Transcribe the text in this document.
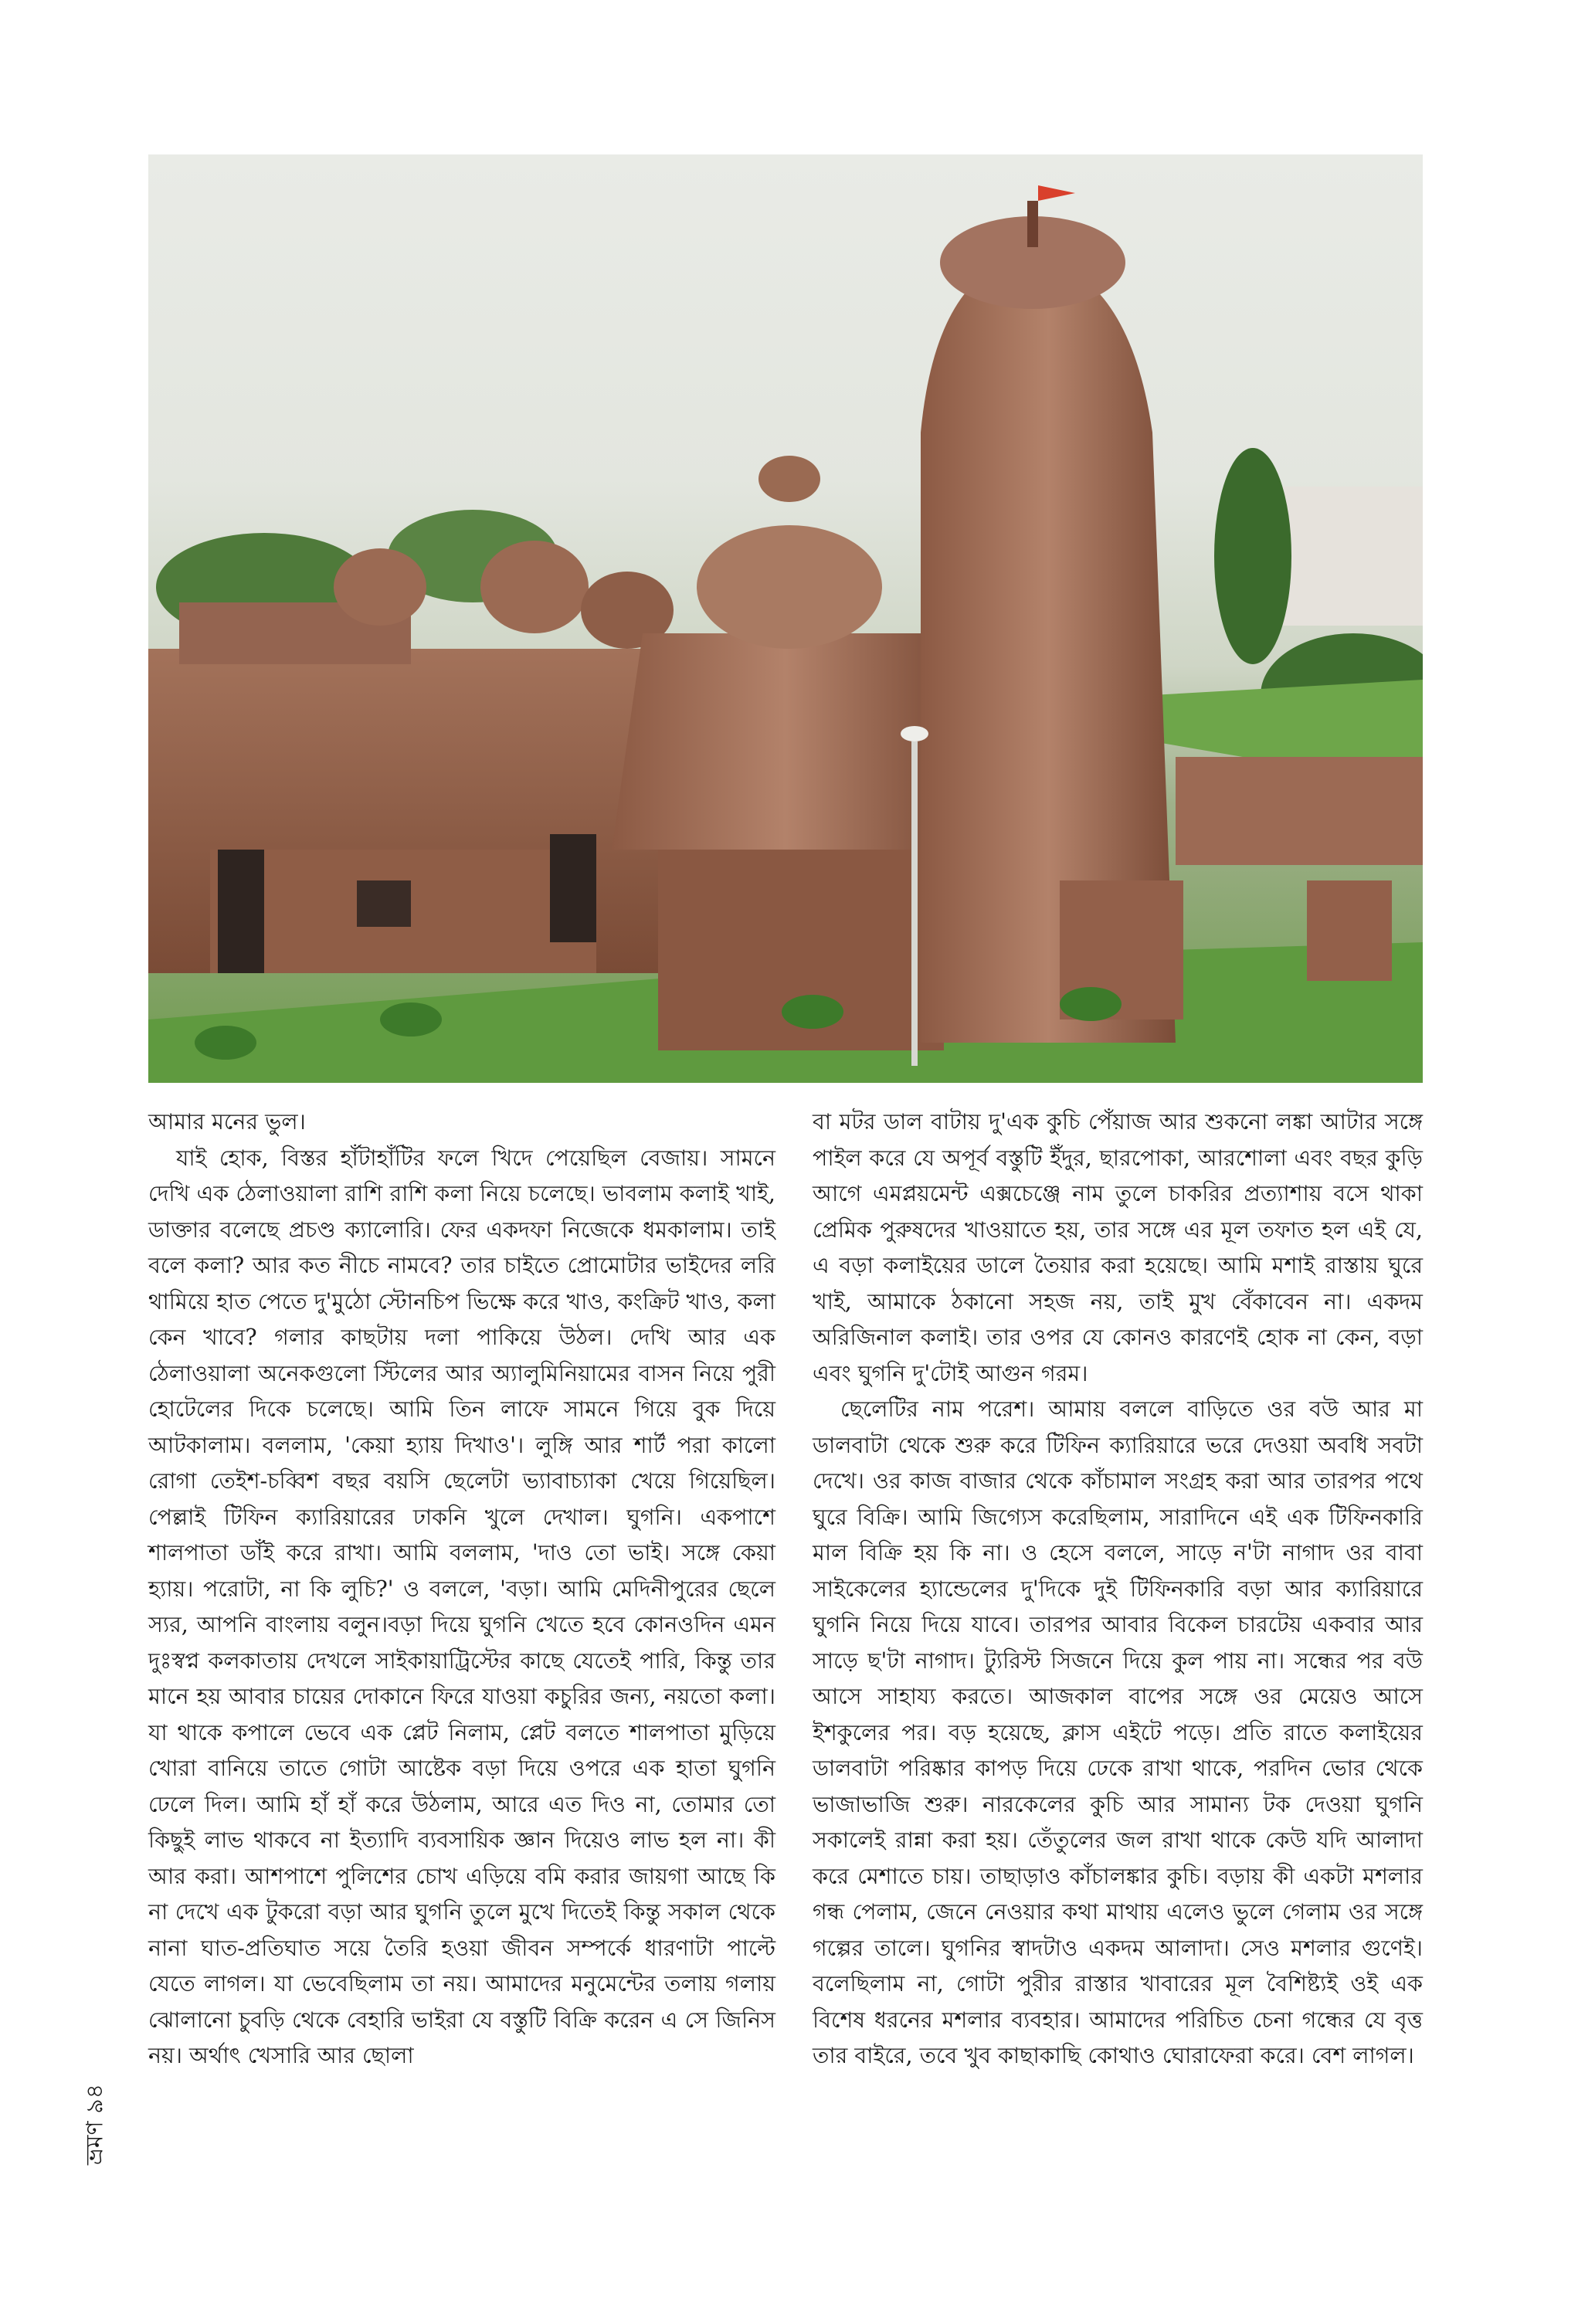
আমার মনের ভুল।

যাই হোক, বিস্তর হাঁটাহাঁটির ফলে খিদে পেয়েছিল বেজায়। সামনে দেখি এক ঠেলাওয়ালা রাশি রাশি কলা নিয়ে চলেছে। ভাবলাম কলাই খাই, ডাক্তার বলেছে প্রচণ্ড ক্যালোরি। ফের একদফা নিজেকে ধমকালাম। তাই বলে কলা? আর কত নীচে নামবে? তার চাইতে প্রোমোটার ভাইদের লরি থামিয়ে হাত পেতে দু'মুঠো স্টোনচিপ ভিক্ষে করে খাও, কংক্রিট খাও, কলা কেন খাবে? গলার কাছটায় দলা পাকিয়ে উঠল। দেখি আর এক ঠেলাওয়ালা অনেকগুলো স্টিলের আর অ্যালুমিনিয়ামের বাসন নিয়ে পুরী হোটেলের দিকে চলেছে। আমি তিন লাফে সামনে গিয়ে বুক দিয়ে আটকালাম। বললাম, 'কেয়া হ্যায় দিখাও'। লুঙ্গি আর শার্ট পরা কালো রোগা তেইশ-চব্বিশ বছর বয়সি ছেলেটা ভ্যাবাচ্যাকা খেয়ে গিয়েছিল। পেল্লাই টিফিন ক্যারিয়ারের ঢাকনি খুলে দেখাল। ঘুগনি। একপাশে শালপাতা ডাঁই করে রাখা। আমি বললাম, 'দাও তো ভাই। সঙ্গে কেয়া হ্যায়। পরোটা, না কি লুচি?' ও বললে, 'বড়া। আমি মেদিনীপুরের ছেলে স্যর, আপনি বাংলায় বলুন।বড়া দিয়ে ঘুগনি খেতে হবে কোনওদিন এমন দুঃস্বপ্ন কলকাতায় দেখলে সাইকায়াট্রিস্টের কাছে যেতেই পারি, কিন্তু তার মানে হয় আবার চায়ের দোকানে ফিরে যাওয়া কচুরির জন্য, নয়তো কলা। যা থাকে কপালে ভেবে এক প্লেট নিলাম, প্লেট বলতে শালপাতা মুড়িয়ে খোরা বানিয়ে তাতে গোটা আষ্টেক বড়া দিয়ে ওপরে এক হাতা ঘুগনি ঢেলে দিল। আমি হাঁ হাঁ করে উঠলাম, আরে এত দিও না, তোমার তো কিছুই লাভ থাকবে না ইত্যাদি ব্যবসায়িক জ্ঞান দিয়েও লাভ হল না। কী আর করা। আশপাশে পুলিশের চোখ এড়িয়ে বমি করার জায়গা আছে কি না দেখে এক টুকরো বড়া আর ঘুগনি তুলে মুখে দিতেই কিন্তু সকাল থেকে নানা ঘাত-প্রতিঘাত সয়ে তৈরি হওয়া জীবন সম্পর্কে ধারণাটা পাল্টে যেতে লাগল। যা ভেবেছিলাম তা নয়। আমাদের মনুমেন্টের তলায় গলায় ঝোলানো চুবড়ি থেকে বেহারি ভাইরা যে বস্তুটি বিক্রি করেন এ সে জিনিস নয়। অর্থাৎ খেসারি আর ছোলা

বা মটর ডাল বাটায় দু'এক কুচি পেঁয়াজ আর শুকনো লঙ্কা আটার সঙ্গে পাইল করে যে অপূর্ব বস্তুটি ইঁদুর, ছারপোকা, আরশোলা এবং বছর কুড়ি আগে এমপ্লয়মেন্ট এক্সচেঞ্জে নাম তুলে চাকরির প্রত্যাশায় বসে থাকা প্রেমিক পুরুষদের খাওয়াতে হয়, তার সঙ্গে এর মূল তফাত হল এই যে, এ বড়া কলাইয়ের ডালে তৈয়ার করা হয়েছে। আমি মশাই রাস্তায় ঘুরে খাই, আমাকে ঠকানো সহজ নয়, তাই মুখ বেঁকাবেন না। একদম অরিজিনাল কলাই। তার ওপর যে কোনও কারণেই হোক না কেন, বড়া এবং ঘুগনি দু'টোই আগুন গরম।

ছেলেটির নাম পরেশ। আমায় বললে বাড়িতে ওর বউ আর মা ডালবাটা থেকে শুরু করে টিফিন ক্যারিয়ারে ভরে দেওয়া অবধি সবটা দেখে। ওর কাজ বাজার থেকে কাঁচামাল সংগ্রহ করা আর তারপর পথে ঘুরে বিক্রি। আমি জিগ্যেস করেছিলাম, সারাদিনে এই এক টিফিনকারি মাল বিক্রি হয় কি না। ও হেসে বললে, সাড়ে ন'টা নাগাদ ওর বাবা সাইকেলের হ্যান্ডেলের দু'দিকে দুই টিফিনকারি বড়া আর ক্যারিয়ারে ঘুগনি নিয়ে দিয়ে যাবে। তারপর আবার বিকেল চারটেয় একবার আর সাড়ে ছ'টা নাগাদ। ট্যুরিস্ট সিজনে দিয়ে কুল পায় না। সন্ধের পর বউ আসে সাহায্য করতে। আজকাল বাপের সঙ্গে ওর মেয়েও আসে ইশকুলের পর। বড় হয়েছে, ক্লাস এইটে পড়ে। প্রতি রাতে কলাইয়ের ডালবাটা পরিষ্কার কাপড় দিয়ে ঢেকে রাখা থাকে, পরদিন ভোর থেকে ভাজাভাজি শুরু। নারকেলের কুচি আর সামান্য টক দেওয়া ঘুগনি সকালেই রান্না করা হয়। তেঁতুলের জল রাখা থাকে কেউ যদি আলাদা করে মেশাতে চায়। তাছাড়াও কাঁচালঙ্কার কুচি। বড়ায় কী একটা মশলার গন্ধ পেলাম, জেনে নেওয়ার কথা মাথায় এলেও ভুলে গেলাম ওর সঙ্গে গল্পের তালে। ঘুগনির স্বাদটাও একদম আলাদা। সেও মশলার গুণেই। বলেছিলাম না, গোটা পুরীর রাস্তার খাবারের মূল বৈশিষ্ট্যই ওই এক বিশেষ ধরনের মশলার ব্যবহার। আমাদের পরিচিত চেনা গন্ধের যে বৃত্ত তার বাইরে, তবে খুব কাছাকাছি কোথাও ঘোরাফেরা করে। বেশ লাগল।

ভ্রমণ ৯৪
